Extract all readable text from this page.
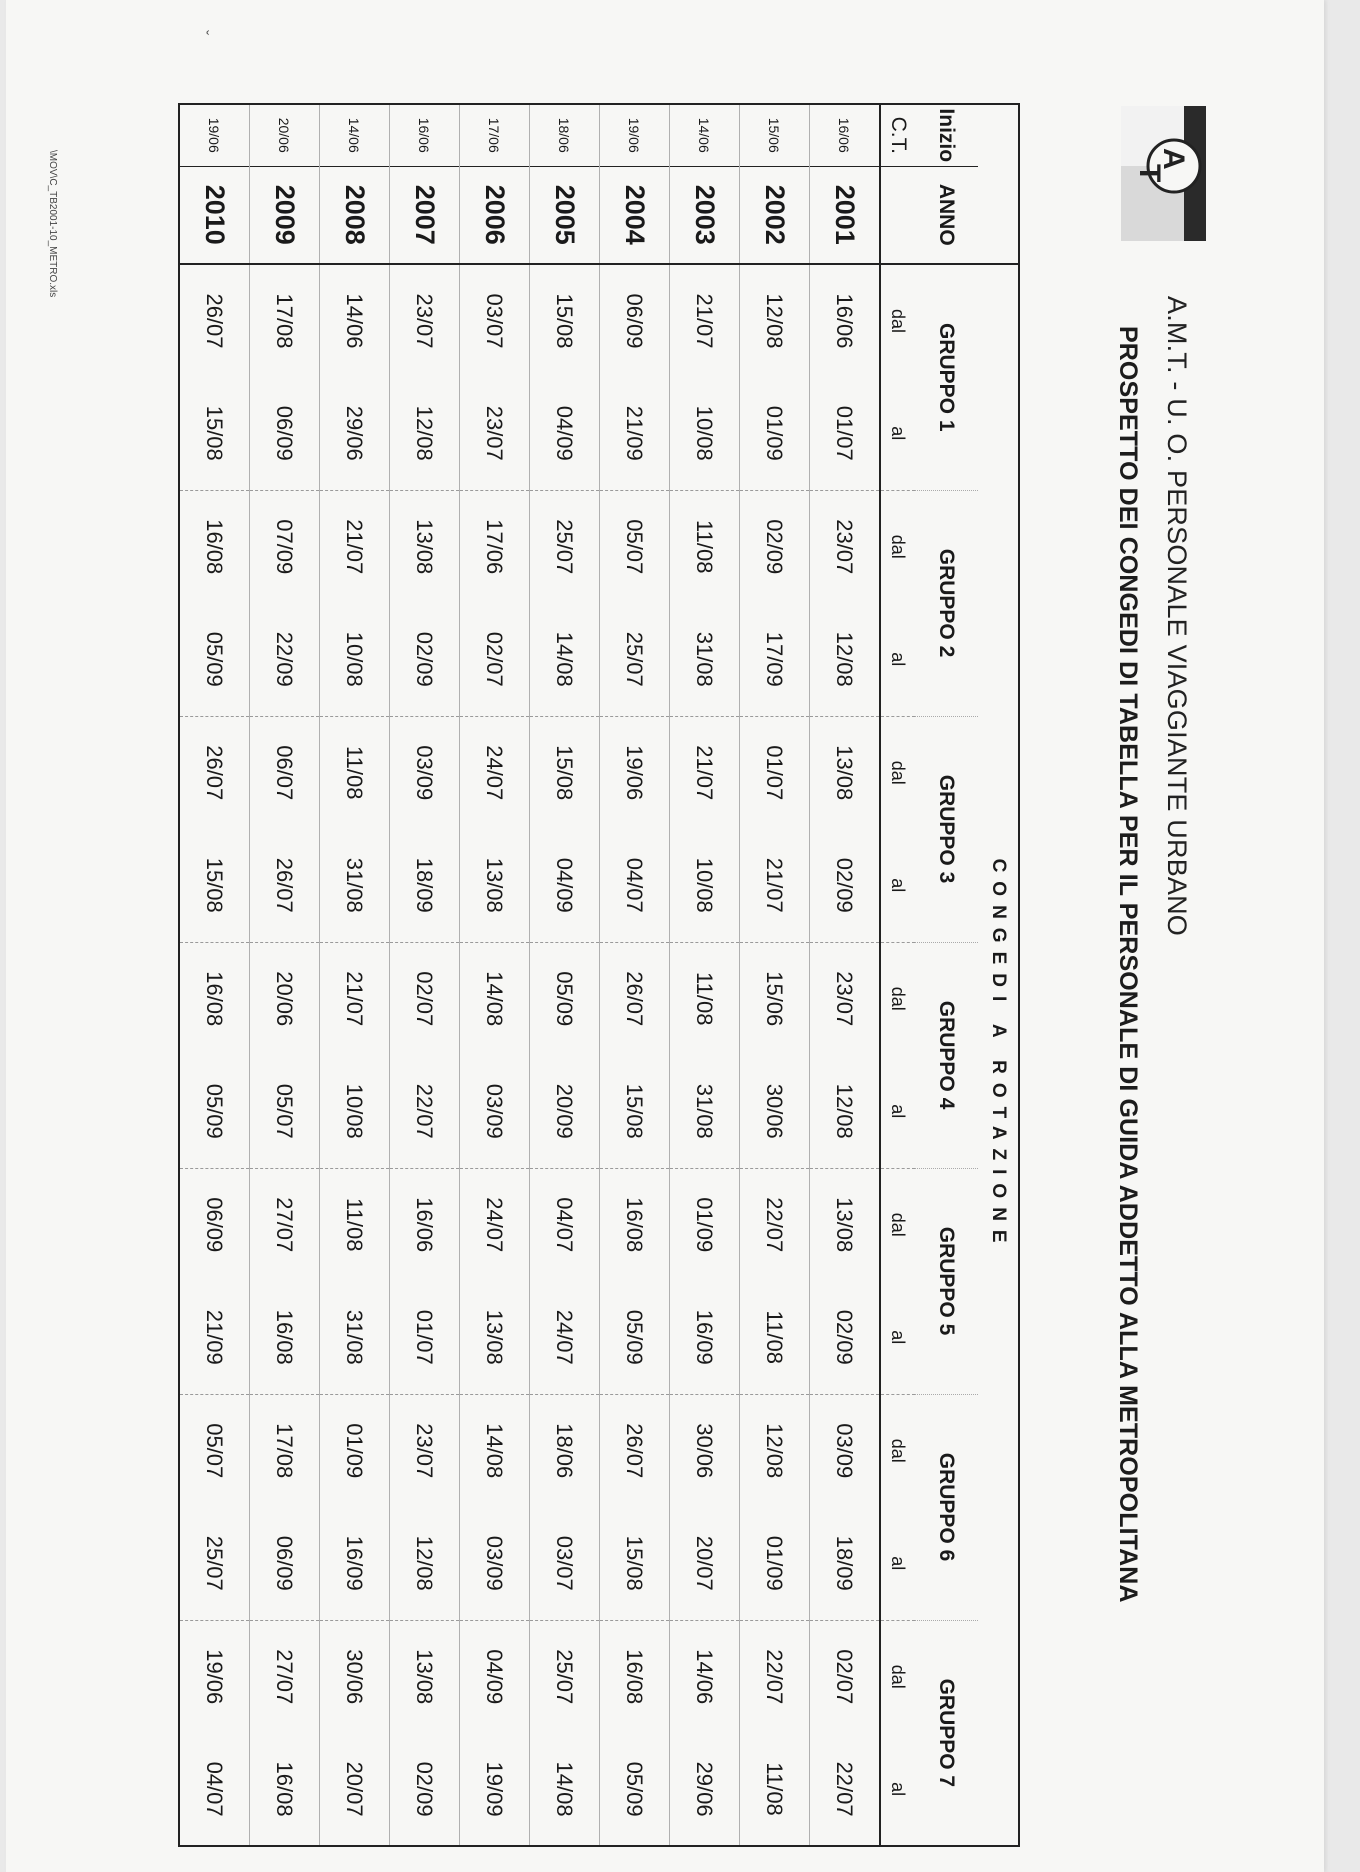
A
T
A.M.T. - U. O. PERSONALE VIAGGIANTE URBANO
PROSPETTO DEI CONGEDI DI TABELLA PER IL PERSONALE DI GUIDA ADDETTO ALLA METROPOLITANA
		CONGEDI A ROTAZIONE													
Inizio	ANNO	GRUPPO 1		GRUPPO 2		GRUPPO 3		GRUPPO 4		GRUPPO 5		GRUPPO 6		GRUPPO 7	
C.T.		dal	al	dal	al	dal	al	dal	al	dal	al	dal	al	dal	al
16/06	2001	16/06	01/07	23/07	12/08	13/08	02/09	23/07	12/08	13/08	02/09	03/09	18/09	02/07	22/07
15/06	2002	12/08	01/09	02/09	17/09	01/07	21/07	15/06	30/06	22/07	11/08	12/08	01/09	22/07	11/08
14/06	2003	21/07	10/08	11/08	31/08	21/07	10/08	11/08	31/08	01/09	16/09	30/06	20/07	14/06	29/06
19/06	2004	06/09	21/09	05/07	25/07	19/06	04/07	26/07	15/08	16/08	05/09	26/07	15/08	16/08	05/09
18/06	2005	15/08	04/09	25/07	14/08	15/08	04/09	05/09	20/09	04/07	24/07	18/06	03/07	25/07	14/08
17/06	2006	03/07	23/07	17/06	02/07	24/07	13/08	14/08	03/09	24/07	13/08	14/08	03/09	04/09	19/09
16/06	2007	23/07	12/08	13/08	02/09	03/09	18/09	02/07	22/07	16/06	01/07	23/07	12/08	13/08	02/09
14/06	2008	14/06	29/06	21/07	10/08	11/08	31/08	21/07	10/08	11/08	31/08	01/09	16/09	30/06	20/07
20/06	2009	17/08	06/09	07/09	22/09	06/07	26/07	20/06	05/07	27/07	16/08	17/08	06/09	27/07	16/08
19/06	2010	26/07	15/08	16/08	05/09	26/07	15/08	16/08	05/09	06/09	21/09	05/07	25/07	19/06	04/07
\MOV\C_TB2001-10_METRO.xls
ˇ
